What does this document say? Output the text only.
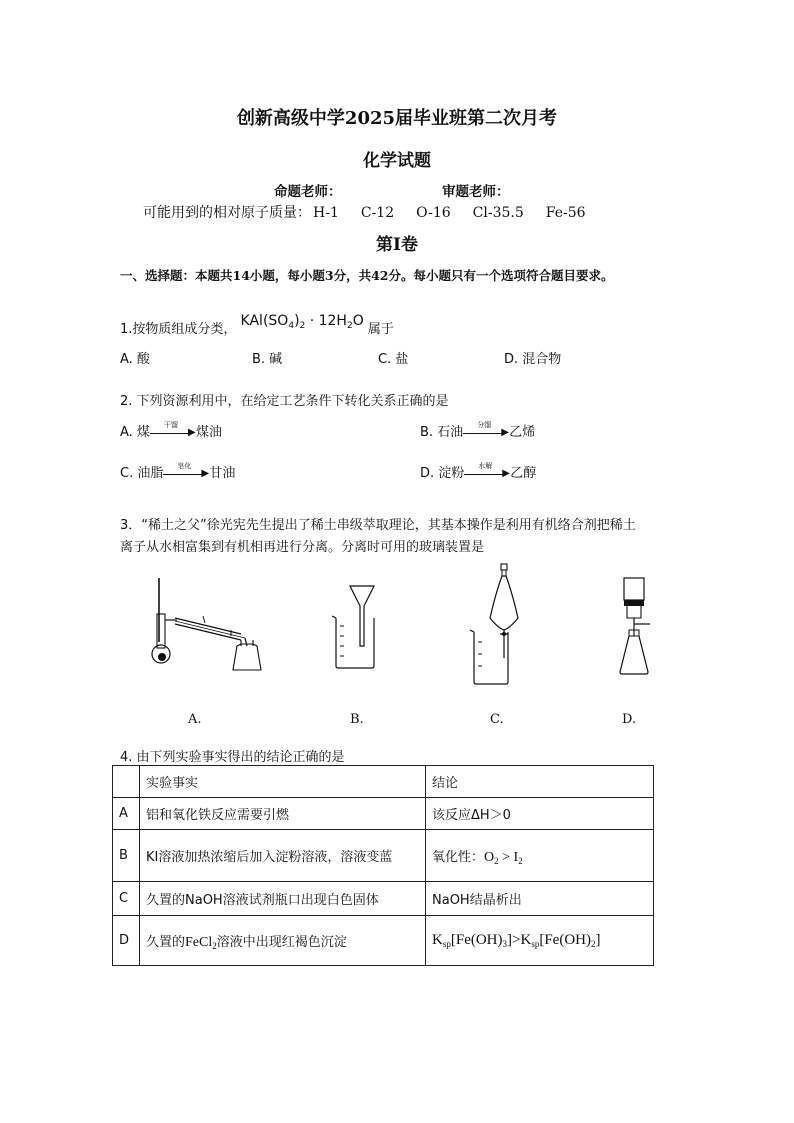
创新高级中学2025届毕业班第二次月考
化学试题
命题老师：	审题老师：
可能用到的相对原子质量： H-1 C-12 O-16 Cl-35.5 Fe-56
第Ⅰ卷
一、选择题：本题共14小题，每小题3分，共42分。每小题只有一个选项符合题目要求。
1.按物质组成分类， $KAl(SO_4)_2 \cdot 12H_2O$ 属于
A. 酸	B. 碱	C. 盐	D. 混合物
2. 下列资源利用中，在给定工艺条件下转化关系正确的是
A. 煤
干馏
▶ 煤油	B. 石油
分馏
▶ 乙烯
C. 油脂
皂化
▶ 甘油	D. 淀粉
水解
▶ 乙醇
3．“稀土之父”徐光宪先生提出了稀土串级萃取理论，其基本操作是利用有机络合剂把稀土
离子从水相富集到有机相再进行分离。分离时可用的玻璃装置是
A.	B.	C.	D.
4. 由下列实验事实得出的结论正确的是
	实验事实	结论
A	铝和氧化铁反应需要引燃	该反应ΔH＞0
B	KI溶液加热浓缩后加入淀粉溶液，溶液变蓝	氧化性：$O_2 > I_2$
C	久置的NaOH溶液试剂瓶口出现白色固体	NaOH结晶析出
D	久置的FeCl$_2$溶液中出现红褐色沉淀	$K_{sp}[Fe(OH)_3]>K_{sp}[Fe(OH)_2]$
